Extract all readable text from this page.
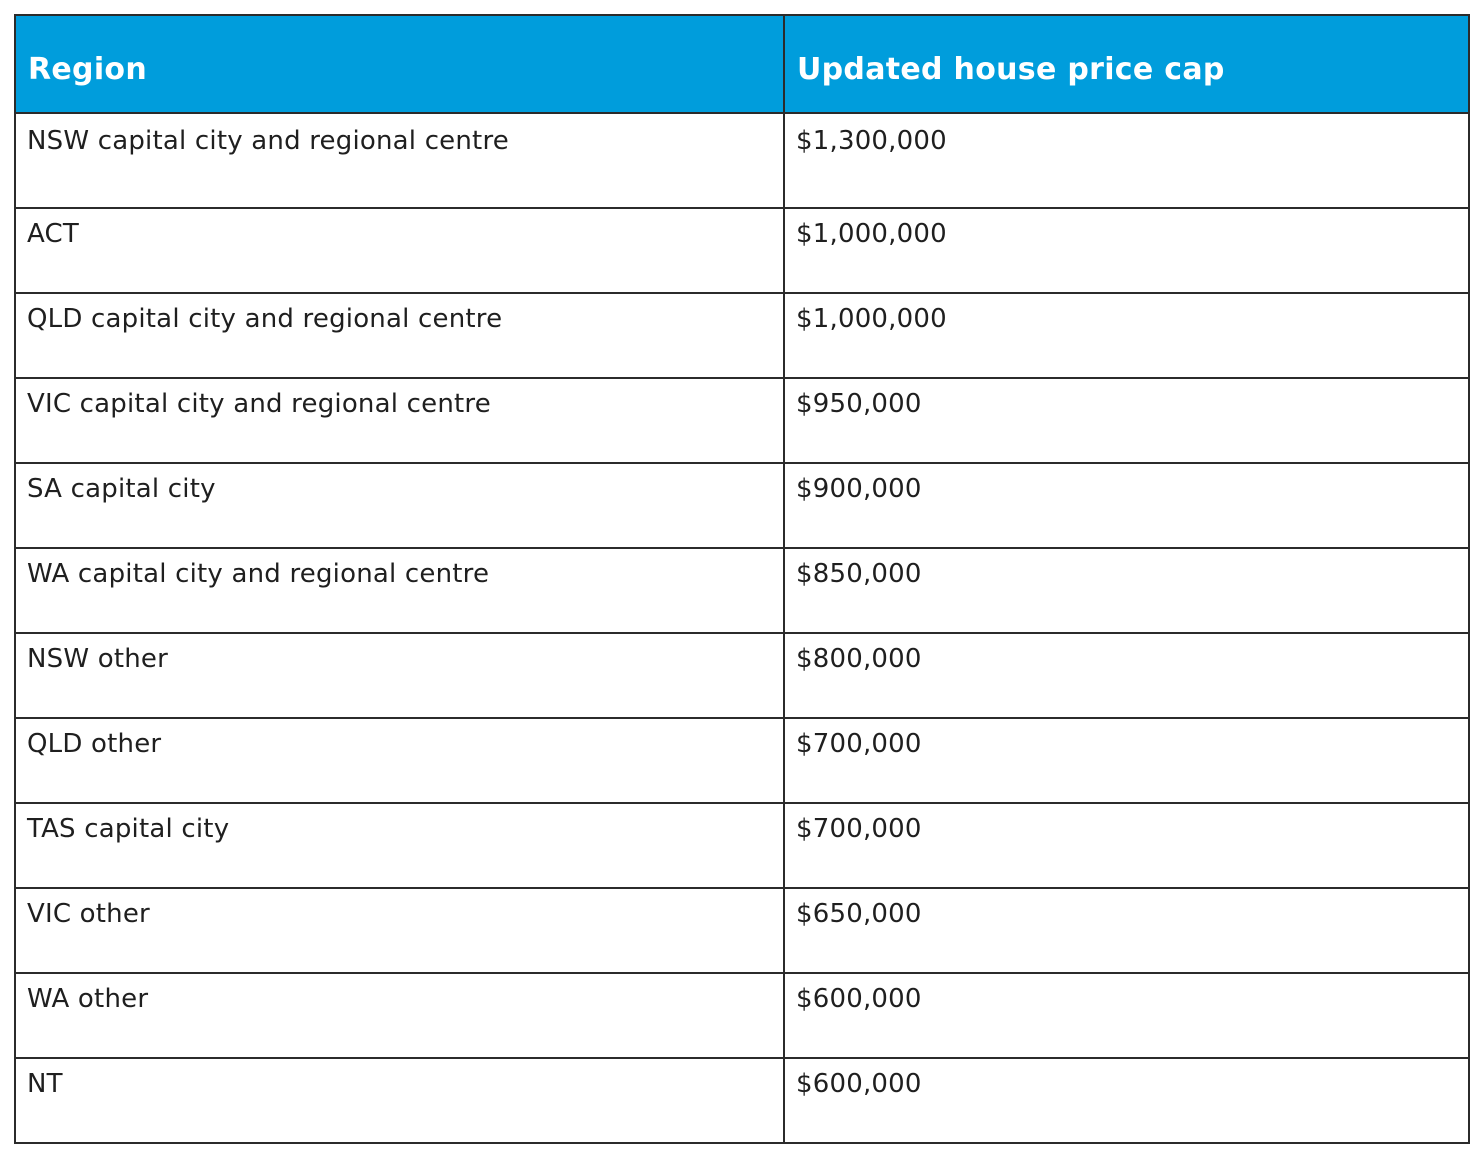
Region	Updated house price cap
NSW capital city and regional centre	$1,300,000
ACT	$1,000,000
QLD capital city and regional centre	$1,000,000
VIC capital city and regional centre	$950,000
SA capital city	$900,000
WA capital city and regional centre	$850,000
NSW other	$800,000
QLD other	$700,000
TAS capital city	$700,000
VIC other	$650,000
WA other	$600,000
NT	$600,000
